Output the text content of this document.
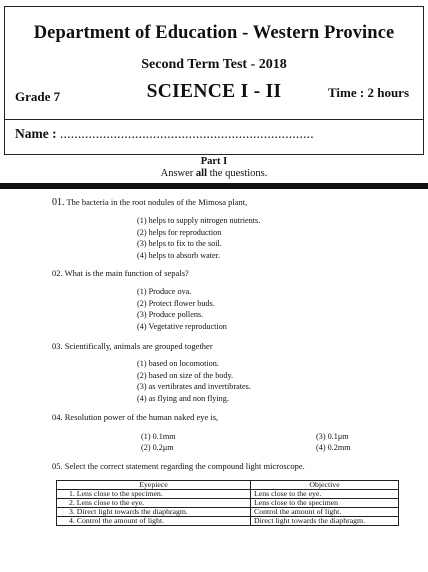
Department of Education - Western Province
Second Term Test - 2018
Grade 7	SCIENCE I - II	Time : 2 hours
Name : .......................................................................
Part I
Answer all the questions.
01. The bacteria in the root nodules of the Mimosa plant,
(1) helps to supply nitrogen nutrients.
(2) helps for reproduction
(3) helps to fix to the soil.
(4) helps to absorb water.
02. What is the main function of sepals?
(1) Produce ova.
(2) Protect flower buds.
(3) Produce pollens.
(4) Vegetative reproduction
03. Scientifically, animals are grouped together
(1) based on locomotion.
(2) based on size of the body.
(3) as vertibrates and invertibrates.
(4) as flying and non flying.
04. Resolution power of the human naked eye is,
(1) 0.1mm
(2) 0.2μm
(3) 0.1μm
(4) 0.2mm
05. Select the correct statement regarding the compound light microscope.
Eyepiece	Objective
1. Lens close to the specimen.	Lens close to the eye.
2. Lens close to the eye.	Lens close to the specimen
3. Direct light towards the diaphragm.	Control the amount of light.
4. Control the amount of light.	Direct light towards the diaphragm.
